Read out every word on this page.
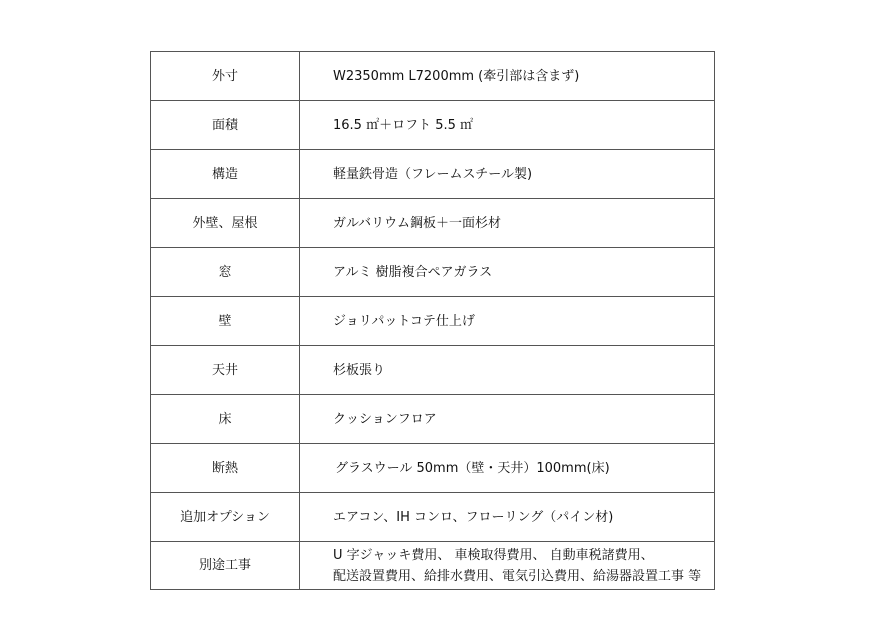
外寸	W2350mm L7200mm (牽引部は含まず)
面積	16.5 ㎡＋ロフト 5.5 ㎡
構造	軽量鉄骨造（フレームスチール製)
外壁、屋根	ガルバリウム鋼板＋一面杉材
窓	アルミ 樹脂複合ペアガラス
壁	ジョリパットコテ仕上げ
天井	杉板張り
床	クッションフロア
断熱	グラスウール 50mm（壁・天井）100mm(床)
追加オプション	エアコン、IH コンロ、フローリング（パイン材)
別途工事	U 字ジャッキ費用、 車検取得費用、 自動車税諸費用、
配送設置費用、給排水費用、電気引込費用、給湯器設置工事 等
